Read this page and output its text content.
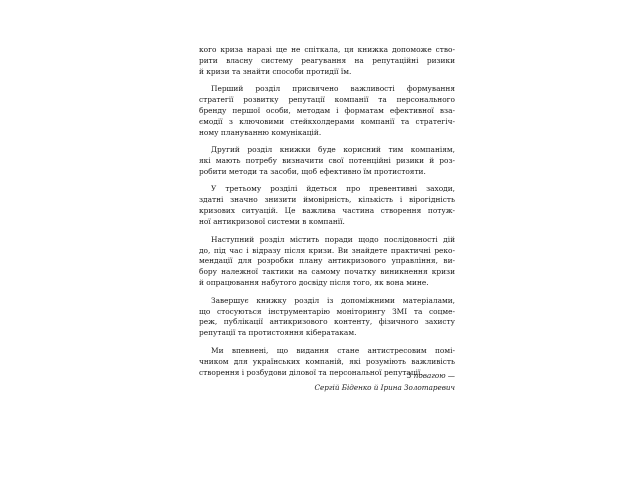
кого криза наразі ще не спіткала, ця книжка допоможе ство-
рити власну систему реагування на репутаційні ризики
й кризи та знайти способи протидії їм.

Перший розділ присвячено важливості формування
стратегії розвитку репутації компанії та персонального
бренду першої особи, методам і форматам ефективної вза-
ємодії з ключовими стейкхолдерами компанії та стратегіч-
ному плануванню комунікацій.

Другий розділ книжки буде корисний тим компаніям,
які мають потребу визначити свої потенційні ризики й роз-
робити методи та засоби, щоб ефективно їм протистояти.

У третьому розділі йдеться про превентивні заходи,
здатні значно знизити ймовірність, кількість і вірогідність
кризових ситуацій. Це важлива частина створення потуж-
ної антикризової системи в компанії.

Наступний розділ містить поради щодо послідовності дій
до, під час і відразу після кризи. Ви знайдете практичні реко-
мендації для розробки плану антикризового управління, ви-
бору належної тактики на самому початку виникнення кризи
й опрацювання набутого досвіду після того, як вона мине.

Завершує книжку розділ із допоміжними матеріалами,
що стосуються інструментарію моніторингу ЗМІ та соцме-
реж, публікації антикризового контенту, фізичного захисту
репутації та протистояння кібератакам.

Ми впевнені, що видання стане антистресовим помі-
чником для українських компаній, які розуміють важливість
створення і розбудови ділової та персональної репутації.

З повагою —
Сергій Біденко й Ірина Золотаревич
